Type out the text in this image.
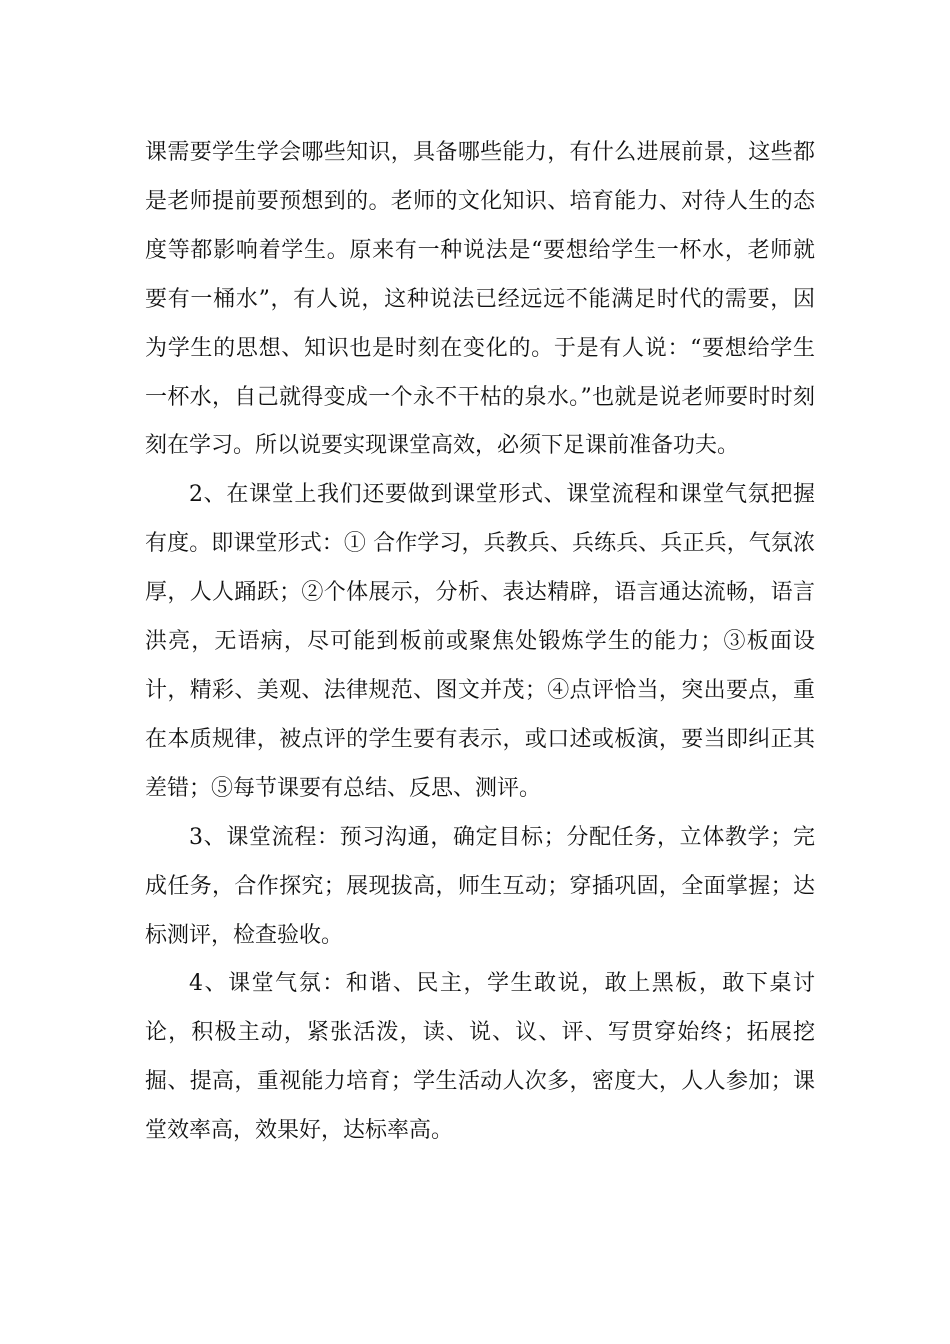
课需要学生学会哪些知识，具备哪些能力，有什么进展前景，这些都是老师提前要预想到的。老师的文化知识、培育能力、对待人生的态度等都影响着学生。原来有一种说法是“要想给学生一杯水，老师就要有一桶水”，有人说，这种说法已经远远不能满足时代的需要，因为学生的思想、知识也是时刻在变化的。于是有人说：“要想给学生一杯水，自己就得变成一个永不干枯的泉水。”也就是说老师要时时刻刻在学习。所以说要实现课堂高效，必须下足课前准备功夫。

2、在课堂上我们还要做到课堂形式、课堂流程和课堂气氛把握有度。即课堂形式：① 合作学习，兵教兵、兵练兵、兵正兵，气氛浓厚，人人踊跃；②个体展示，分析、表达精辟，语言通达流畅，语言洪亮，无语病，尽可能到板前或聚焦处锻炼学生的能力；③板面设计，精彩、美观、法律规范、图文并茂；④点评恰当，突出要点，重在本质规律，被点评的学生要有表示，或口述或板演，要当即纠正其差错；⑤每节课要有总结、反思、测评。

3、课堂流程：预习沟通，确定目标；分配任务，立体教学；完成任务，合作探究；展现拔高，师生互动；穿插巩固，全面掌握；达标测评，检查验收。

4、课堂气氛：和谐、民主，学生敢说，敢上黑板，敢下桌讨论，积极主动，紧张活泼，读、说、议、评、写贯穿始终；拓展挖掘、提高，重视能力培育；学生活动人次多，密度大，人人参加；课堂效率高，效果好，达标率高。
